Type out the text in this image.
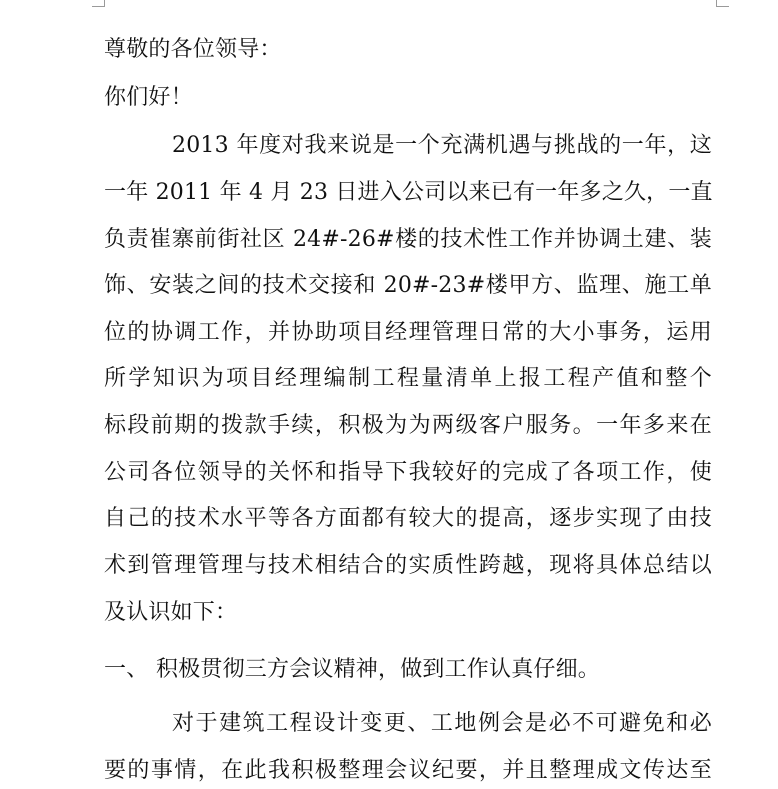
尊敬的各位领导：
你们好！
2013 年度对我来说是一个充满机遇与挑战的一年，这
一年 2011 年 4 月 23 日进入公司以来已有一年多之久，一直
负责崔寨前街社区 24#-26#楼的技术性工作并协调土建、装
饰、安装之间的技术交接和 20#-23#楼甲方、监理、施工单
位的协调工作，并协助项目经理管理日常的大小事务，运用
所学知识为项目经理编制工程量清单上报工程产值和整个
标段前期的拨款手续，积极为为两级客户服务。一年多来在
公司各位领导的关怀和指导下我较好的完成了各项工作，使
自己的技术水平等各方面都有较大的提高，逐步实现了由技
术到管理管理与技术相结合的实质性跨越，现将具体总结以
及认识如下：
一、 积极贯彻三方会议精神，做到工作认真仔细。
对于建筑工程设计变更、工地例会是必不可避免和必
要的事情，在此我积极整理会议纪要，并且整理成文传达至
